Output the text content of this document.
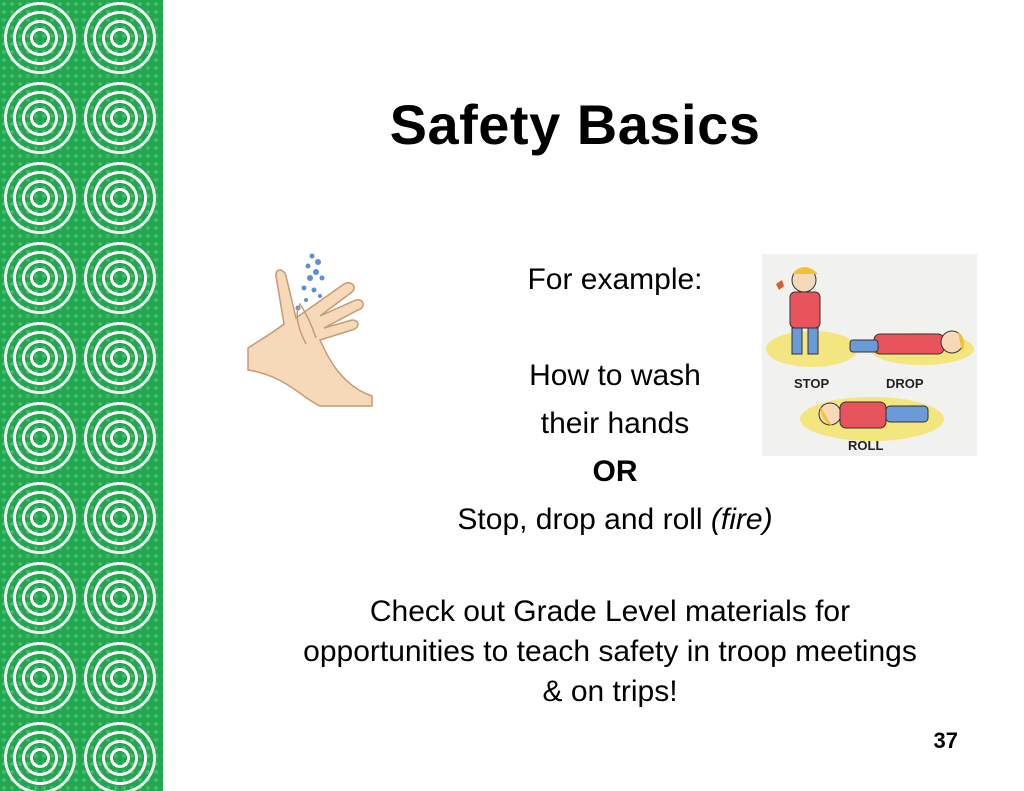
Safety Basics
For example:
How to wash
their hands
OR
Stop, drop and roll (fire)
STOP	DROP
ROLL
Check out Grade Level materials for opportunities to teach safety in troop meetings & on trips!
37
